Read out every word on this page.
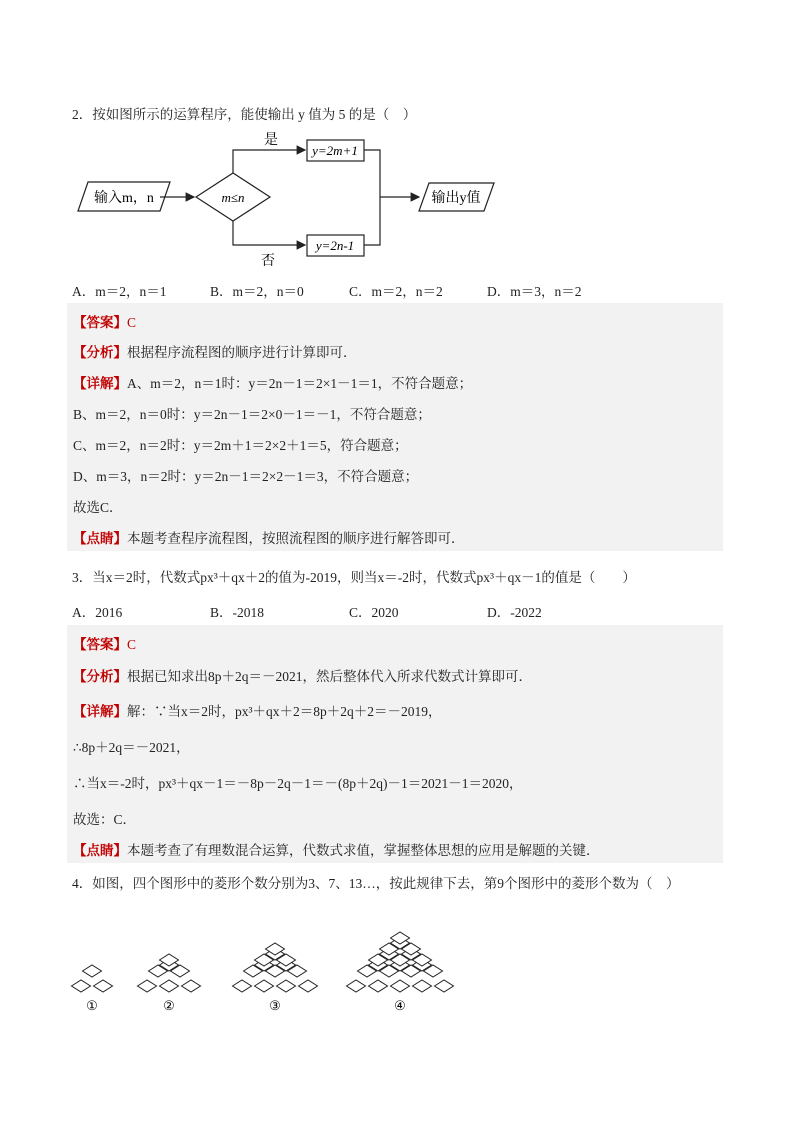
2．按如图所示的运算程序，能使输出 y 值为 5 的是（　）
输入m，n	m≤n
是
y=2m+1
否
y=2n-1
输出y值
A．m＝2，n＝1	B．m＝2，n＝0	C．m＝2，n＝2	D．m＝3，n＝2
【答案】C
【分析】根据程序流程图的顺序进行计算即可．
【详解】A、m＝2，n＝1时：y＝2n－1＝2×1－1＝1，不符合题意；
B、m＝2，n＝0时：y＝2n－1＝2×0－1＝－1，不符合题意；
C、m＝2，n＝2时：y＝2m＋1＝2×2＋1＝5，符合题意；
D、m＝3，n＝2时：y＝2n－1＝2×2－1＝3，不符合题意；
故选C．
【点睛】本题考查程序流程图，按照流程图的顺序进行解答即可．
3．当x＝2时，代数式px³＋qx＋2的值为-2019，则当x＝-2时，代数式px³＋qx－1的值是（　　）
A．2016	B．-2018	C．2020	D．-2022
【答案】C
【分析】根据已知求出8p＋2q＝－2021，然后整体代入所求代数式计算即可．
【详解】解：∵当x＝2时，px³＋qx＋2＝8p＋2q＋2＝－2019，
∴8p＋2q＝－2021，
∴当x＝-2时，px³＋qx－1＝－8p－2q－1＝－(8p＋2q)－1＝2021－1＝2020，
故选：C．
【点睛】本题考查了有理数混合运算，代数式求值，掌握整体思想的应用是解题的关键．
4．如图，四个图形中的菱形个数分别为3、7、13…，按此规律下去，第9个图形中的菱形个数为（　）
①	②	③	④
